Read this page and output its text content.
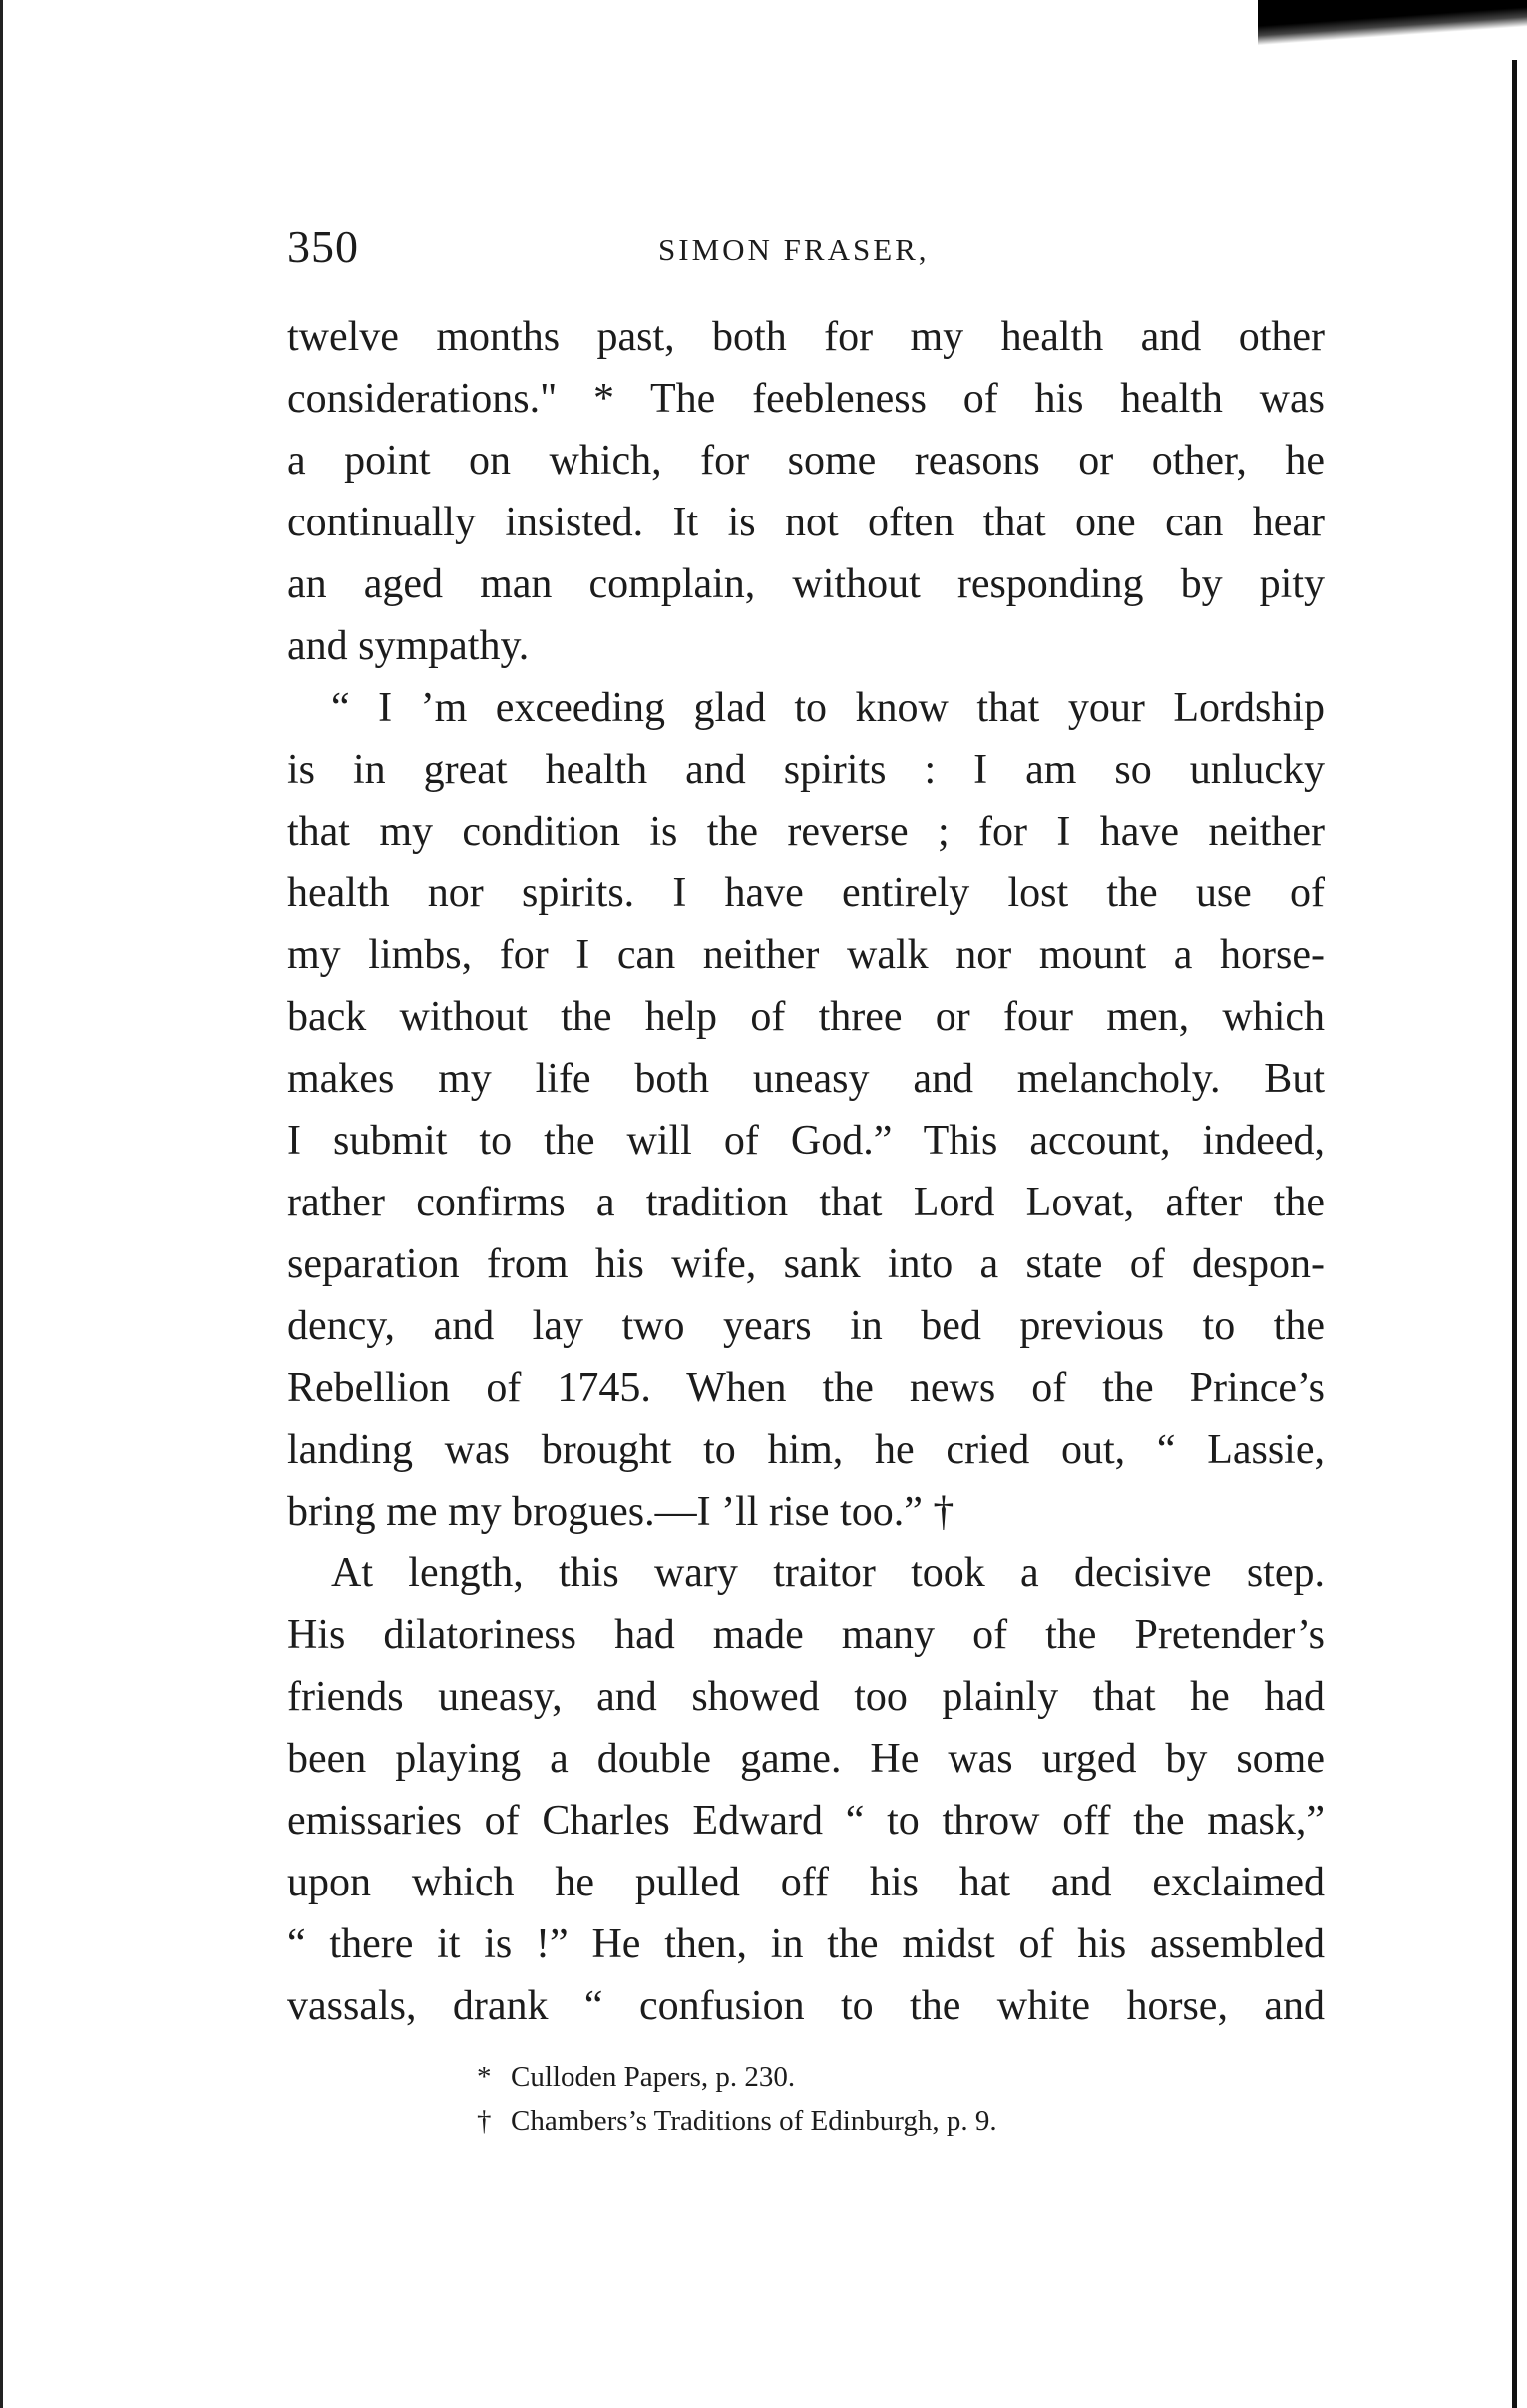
350	SIMON FRASER,
twelve months past, both for my health and other
considerations." * The feebleness of his health was
a point on which, for some reasons or other, he
continually insisted. It is not often that one can hear
an aged man complain, without responding by pity
and sympathy.
“ I ’m exceeding glad to know that your Lordship
is in great health and spirits : I am so unlucky
that my condition is the reverse ; for I have neither
health nor spirits. I have entirely lost the use of
my limbs, for I can neither walk nor mount a horse-
back without the help of three or four men, which
makes my life both uneasy and melancholy. But
I submit to the will of God.” This account, indeed,
rather confirms a tradition that Lord Lovat, after the
separation from his wife, sank into a state of despon-
dency, and lay two years in bed previous to the
Rebellion of 1745. When the news of the Prince’s
landing was brought to him, he cried out, “ Lassie,
bring me my brogues.—I ’ll rise too.” †
At length, this wary traitor took a decisive step.
His dilatoriness had made many of the Pretender’s
friends uneasy, and showed too plainly that he had
been playing a double game. He was urged by some
emissaries of Charles Edward “ to throw off the mask,”
upon which he pulled off his hat and exclaimed
“ there it is !” He then, in the midst of his assembled
vassals, drank “ confusion to the white horse, and
* Culloden Papers, p. 230.
† Chambers’s Traditions of Edinburgh, p. 9.
